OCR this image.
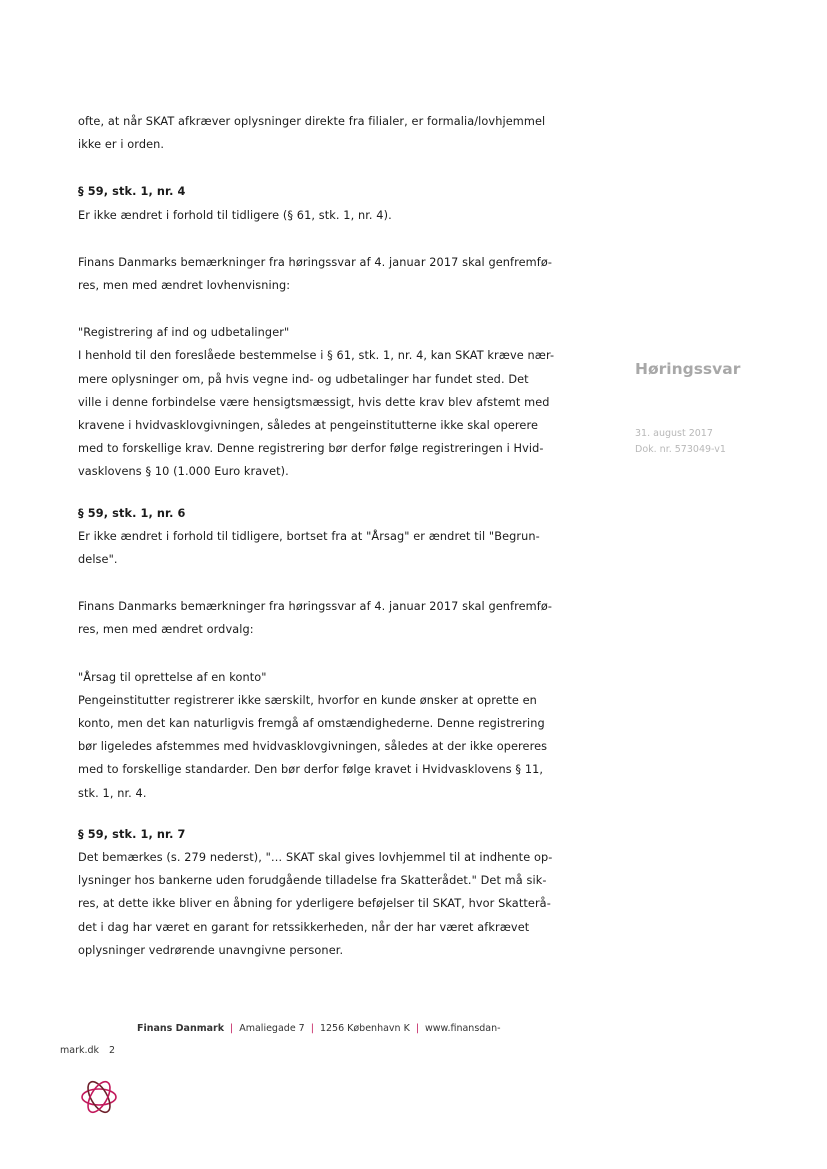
ofte, at når SKAT afkræver oplysninger direkte fra filialer, er formalia/lovhjemmel

ikke er i orden.

§ 59, stk. 1, nr. 4

Er ikke ændret i forhold til tidligere (§ 61, stk. 1, nr. 4).

Finans Danmarks bemærkninger fra høringssvar af 4. januar 2017 skal genfremfø-

res, men med ændret lovhenvisning:

"Registrering af ind og udbetalinger"

I henhold til den foreslåede bestemmelse i § 61, stk. 1, nr. 4, kan SKAT kræve nær-

mere oplysninger om, på hvis vegne ind- og udbetalinger har fundet sted. Det

ville i denne forbindelse være hensigtsmæssigt, hvis dette krav blev afstemt med

kravene i hvidvasklovgivningen, således at pengeinstitutterne ikke skal operere

med to forskellige krav. Denne registrering bør derfor følge registreringen i Hvid-

vasklovens § 10 (1.000 Euro kravet).

§ 59, stk. 1, nr. 6

Er ikke ændret i forhold til tidligere, bortset fra at "Årsag" er ændret til "Begrun-

delse".

Finans Danmarks bemærkninger fra høringssvar af 4. januar 2017 skal genfremfø-

res, men med ændret ordvalg:

"Årsag til oprettelse af en konto"

Pengeinstitutter registrerer ikke særskilt, hvorfor en kunde ønsker at oprette en

konto, men det kan naturligvis fremgå af omstændighederne. Denne registrering

bør ligeledes afstemmes med hvidvasklovgivningen, således at der ikke opereres

med to forskellige standarder. Den bør derfor følge kravet i Hvidvasklovens § 11,

stk. 1, nr. 4.

§ 59, stk. 1, nr. 7

Det bemærkes (s. 279 nederst), "… SKAT skal gives lovhjemmel til at indhente op-

lysninger hos bankerne uden forudgående tilladelse fra Skatterådet." Det må sik-

res, at dette ikke bliver en åbning for yderligere beføjelser til SKAT, hvor Skatterå-

det i dag har været en garant for retssikkerheden, når der har været afkrævet

oplysninger vedrørende unavngivne personer.

Høringssvar
31. august 2017
Dok. nr. 573049-v1
Finans Danmark | Amaliegade 7 | 1256 København K | www.finansdan-
mark.dk 2
